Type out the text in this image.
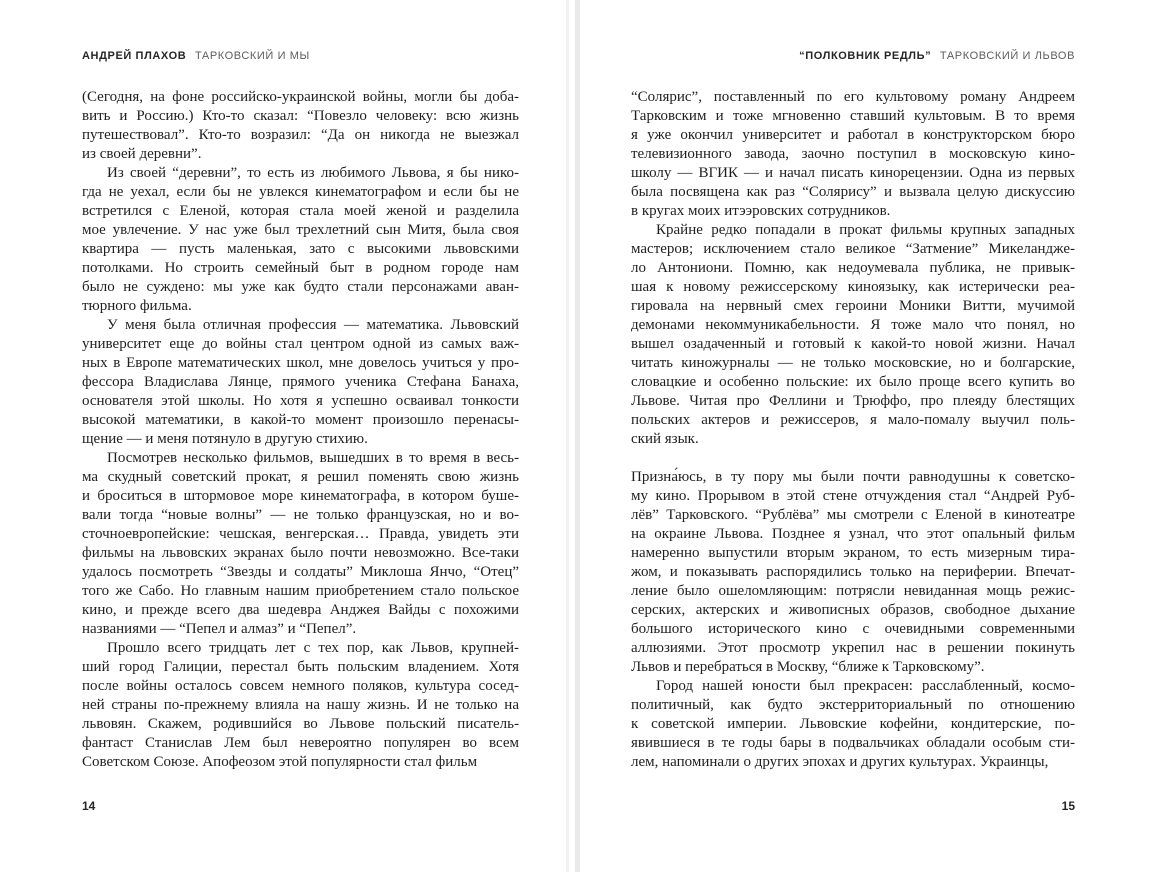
АНДРЕЙ ПЛАХОВ ТАРКОВСКИЙ И МЫ
(Сегодня, на фоне российско-украинской войны, могли бы доба-
вить и Россию.) Кто-то сказал: “Повезло человеку: всю жизнь
путешествовал”. Кто-то возразил: “Да он никогда не выезжал
из своей деревни”.
Из своей “деревни”, то есть из любимого Львова, я бы нико-
гда не уехал, если бы не увлекся кинематографом и если бы не
встретился с Еленой, которая стала моей женой и разделила
мое увлечение. У нас уже был трехлетний сын Митя, была своя
квартира — пусть маленькая, зато с высокими львовскими
потолками. Но строить семейный быт в родном городе нам
было не суждено: мы уже как будто стали персонажами аван-
тюрного фильма.
У меня была отличная профессия — математика. Львовский
университет еще до войны стал центром одной из самых важ-
ных в Европе математических школ, мне довелось учиться у про-
фессора Владислава Лянце, прямого ученика Стефана Банаха,
основателя этой школы. Но хотя я успешно осваивал тонкости
высокой математики, в какой-то момент произошло перенасы-
щение — и меня потянуло в другую стихию.
Посмотрев несколько фильмов, вышедших в то время в весь-
ма скудный советский прокат, я решил поменять свою жизнь
и броситься в штормовое море кинематографа, в котором буше-
вали тогда “новые волны” — не только французская, но и во-
сточноевропейские: чешская, венгерская… Правда, увидеть эти
фильмы на львовских экранах было почти невозможно. Все-таки
удалось посмотреть “Звезды и солдаты” Миклоша Янчо, “Отец”
того же Сабо. Но главным нашим приобретением стало польское
кино, и прежде всего два шедевра Анджея Вайды с похожими
названиями — “Пепел и алмаз” и “Пепел”.
Прошло всего тридцать лет с тех пор, как Львов, крупней-
ший город Галиции, перестал быть польским владением. Хотя
после войны осталось совсем немного поляков, культура сосед-
ней страны по-прежнему влияла на нашу жизнь. И не только на
львовян. Скажем, родившийся во Львове польский писатель-
фантаст Станислав Лем был невероятно популярен во всем
Советском Союзе. Апофеозом этой популярности стал фильм
14
“ПОЛКОВНИК РЕДЛЬ” ТАРКОВСКИЙ И ЛЬВОВ
“Солярис”, поставленный по его культовому роману Андреем
Тарковским и тоже мгновенно ставший культовым. В то время
я уже окончил университет и работал в конструкторском бюро
телевизионного завода, заочно поступил в московскую кино-
школу — ВГИК — и начал писать кинорецензии. Одна из первых
была посвящена как раз “Солярису” и вызвала целую дискуссию
в кругах моих итээровских сотрудников.
Крайне редко попадали в прокат фильмы крупных западных
мастеров; исключением стало великое “Затмение” Микеландже-
ло Антониони. Помню, как недоумевала публика, не привык-
шая к новому режиссерскому киноязыку, как истерически реа-
гировала на нервный смех героини Моники Витти, мучимой
демонами некоммуникабельности. Я тоже мало что понял, но
вышел озадаченный и готовый к какой-то новой жизни. Начал
читать киножурналы — не только московские, но и болгарские,
словацкие и особенно польские: их было проще всего купить во
Львове. Читая про Феллини и Трюффо, про плеяду блестящих
польских актеров и режиссеров, я мало-помалу выучил поль-
ский язык.
Призна́юсь, в ту пору мы были почти равнодушны к советско-
му кино. Прорывом в этой стене отчуждения стал “Андрей Руб-
лёв” Тарковского. “Рублёва” мы смотрели с Еленой в кинотеатре
на окраине Львова. Позднее я узнал, что этот опальный фильм
намеренно выпустили вторым экраном, то есть мизерным тира-
жом, и показывать распорядились только на периферии. Впечат-
ление было ошеломляющим: потрясли невиданная мощь режис-
серских, актерских и живописных образов, свободное дыхание
большого исторического кино с очевидными современными
аллюзиями. Этот просмотр укрепил нас в решении покинуть
Львов и перебраться в Москву, “ближе к Тарковскому”.
Город нашей юности был прекрасен: расслабленный, космо-
политичный, как будто экстерриториальный по отношению
к советской империи. Львовские кофейни, кондитерские, по-
явившиеся в те годы бары в подвальчиках обладали особым сти-
лем, напоминали о других эпохах и других культурах. Украинцы,
15
